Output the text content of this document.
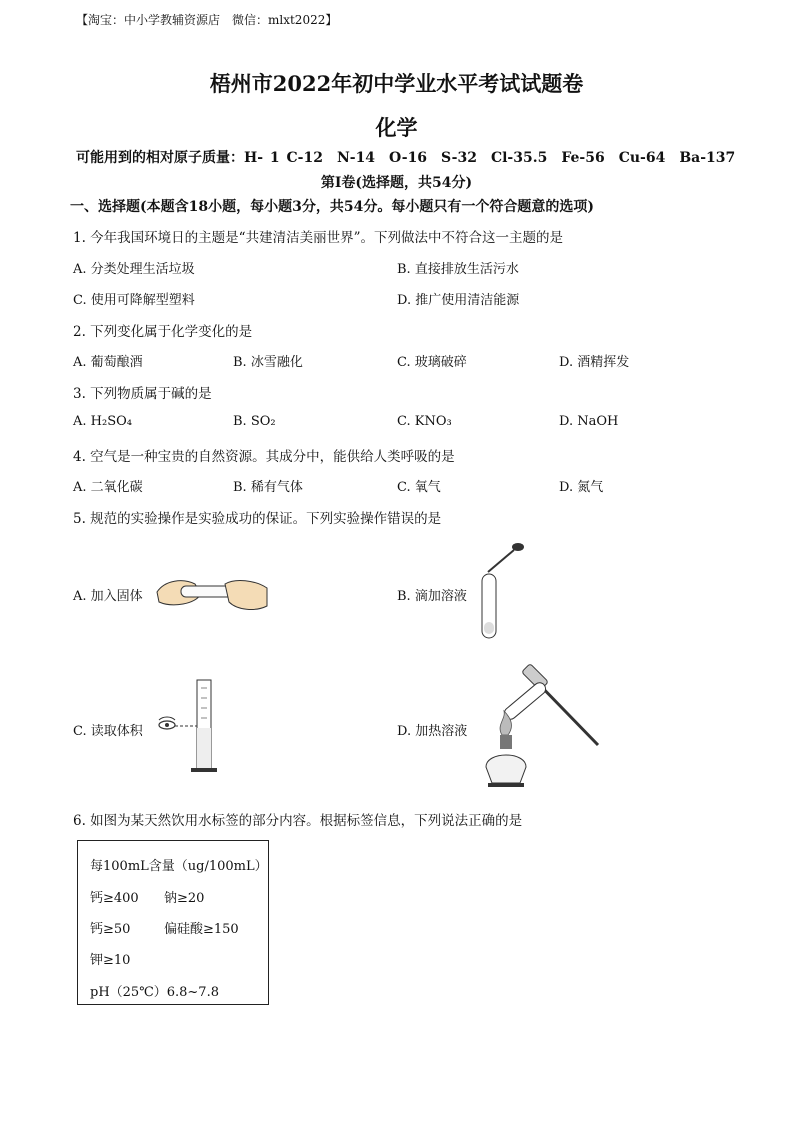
【淘宝：中小学教辅资源店　微信：mlxt2022】
梧州市2022年初中学业水平考试试题卷
化学
可能用到的相对原子质量：H- 1 C-12　N-14　O-16　S-32　Cl-35.5　Fe-56　Cu-64　Ba-137
第Ⅰ卷(选择题，共54分)
一、选择题(本题含18小题，每小题3分，共54分。每小题只有一个符合题意的选项)
1. 今年我国环境日的主题是“共建清洁美丽世界”。下列做法中不符合这一主题的是
A. 分类处理生活垃圾	B. 直接排放生活污水
C. 使用可降解型塑料	D. 推广使用清洁能源
2. 下列变化属于化学变化的是
A. 葡萄酿酒	B. 冰雪融化	C. 玻璃破碎	D. 酒精挥发
3. 下列物质属于碱的是
A. H₂SO₄	B. SO₂	C. KNO₃	D. NaOH
4. 空气是一种宝贵的自然资源。其成分中，能供给人类呼吸的是
A. 二氧化碳	B. 稀有气体	C. 氧气	D. 氮气
5. 规范的实验操作是实验成功的保证。下列实验操作错误的是
A. 加入固体	B. 滴加溶液
C. 读取体积	D. 加热溶液
6. 如图为某天然饮用水标签的部分内容。根据标签信息，下列说法正确的是
每100mL含量（ug/100mL）
钙≥400 钠≥20
钙≥50	偏硅酸≥150
钾≥10
pH（25℃）6.8~7.8
